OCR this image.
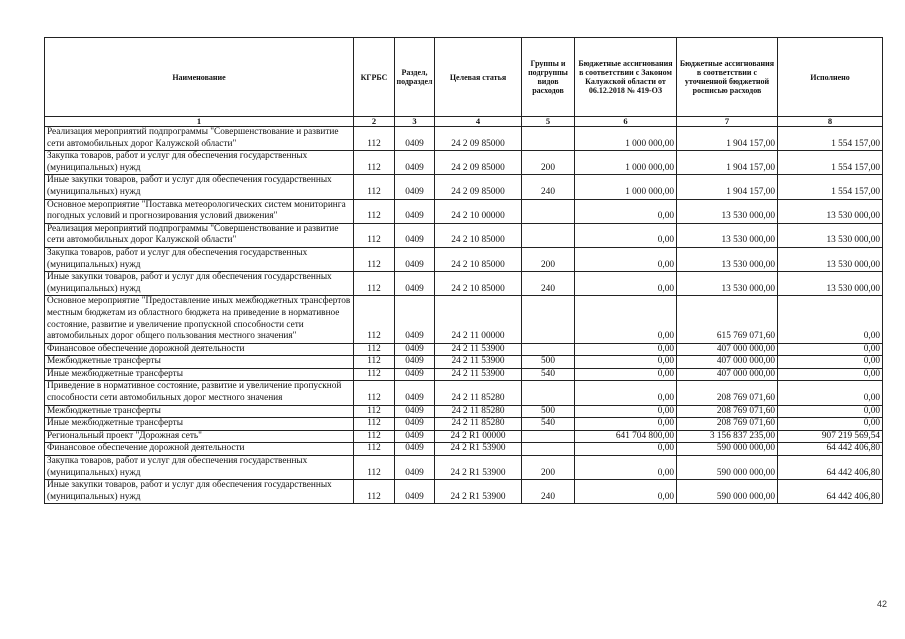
Наименование	КГРБС	Раздел, подраздел	Целевая статья	Группы и подгруппы видов расходов	Бюджетные ассигнования в соответствии с Законом Калужской области от 06.12.2018 № 419-ОЗ	Бюджетные ассигнования в соответствии с уточненной бюджетной росписью расходов	Исполнено
1	2	3	4	5	6	7	8
Реализация мероприятий подпрограммы "Совершенствование и развитие сети автомобильных дорог Калужской области"	112	0409	24 2 09 85000		1 000 000,00	1 904 157,00	1 554 157,00
Закупка товаров, работ и услуг для обеспечения государственных (муниципальных) нужд	112	0409	24 2 09 85000	200	1 000 000,00	1 904 157,00	1 554 157,00
Иные закупки товаров, работ и услуг для обеспечения государственных (муниципальных) нужд	112	0409	24 2 09 85000	240	1 000 000,00	1 904 157,00	1 554 157,00
Основное мероприятие "Поставка метеорологических систем мониторинга погодных условий и прогнозирования условий движения"	112	0409	24 2 10 00000		0,00	13 530 000,00	13 530 000,00
Реализация мероприятий подпрограммы "Совершенствование и развитие сети автомобильных дорог Калужской области"	112	0409	24 2 10 85000		0,00	13 530 000,00	13 530 000,00
Закупка товаров, работ и услуг для обеспечения государственных (муниципальных) нужд	112	0409	24 2 10 85000	200	0,00	13 530 000,00	13 530 000,00
Иные закупки товаров, работ и услуг для обеспечения государственных (муниципальных) нужд	112	0409	24 2 10 85000	240	0,00	13 530 000,00	13 530 000,00
Основное мероприятие "Предоставление иных межбюджетных трансфертов местным бюджетам из областного бюджета на приведение в нормативное состояние, развитие и увеличение пропускной способности сети автомобильных дорог общего пользования местного значения"	112	0409	24 2 11 00000		0,00	615 769 071,60	0,00
Финансовое обеспечение дорожной деятельности	112	0409	24 2 11 53900		0,00	407 000 000,00	0,00
Межбюджетные трансферты	112	0409	24 2 11 53900	500	0,00	407 000 000,00	0,00
Иные межбюджетные трансферты	112	0409	24 2 11 53900	540	0,00	407 000 000,00	0,00
Приведение в нормативное состояние, развитие и увеличение пропускной способности сети автомобильных дорог местного значения	112	0409	24 2 11 85280		0,00	208 769 071,60	0,00
Межбюджетные трансферты	112	0409	24 2 11 85280	500	0,00	208 769 071,60	0,00
Иные межбюджетные трансферты	112	0409	24 2 11 85280	540	0,00	208 769 071,60	0,00
Региональный проект "Дорожная сеть"	112	0409	24 2 R1 00000		641 704 800,00	3 156 837 235,00	907 219 569,54
Финансовое обеспечение дорожной деятельности	112	0409	24 2 R1 53900		0,00	590 000 000,00	64 442 406,80
Закупка товаров, работ и услуг для обеспечения государственных (муниципальных) нужд	112	0409	24 2 R1 53900	200	0,00	590 000 000,00	64 442 406,80
Иные закупки товаров, работ и услуг для обеспечения государственных (муниципальных) нужд	112	0409	24 2 R1 53900	240	0,00	590 000 000,00	64 442 406,80
42
